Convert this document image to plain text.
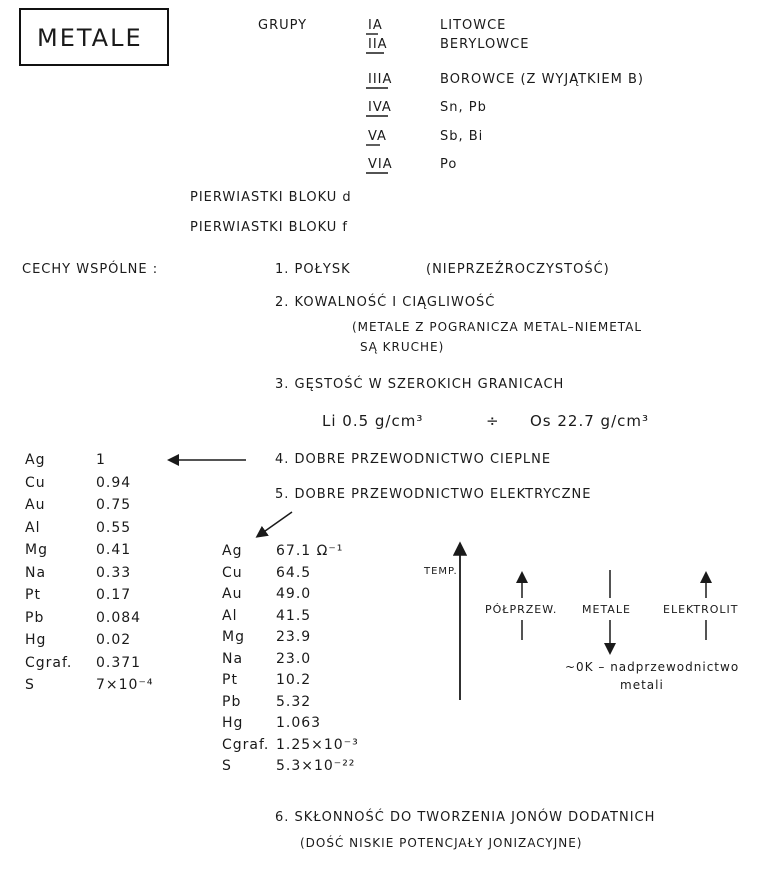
METALE	GRUPY	IA	LITOWCE
IIA	BERYLOWCE
IIIA	BOROWCE (Z WYJĄTKIEM B)
IVA	Sn, Pb
VA	Sb, Bi
VIA	Po
PIERWIASTKI BLOKU d
PIERWIASTKI BLOKU f
CECHY WSPÓLNE :	1. POŁYSK	(NIEPRZEŹROCZYSTOŚĆ)
2. KOWALNOŚĆ I CIĄGLIWOŚĆ
(METALE Z POGRANICZA METAL–NIEMETAL
SĄ KRUCHE)
3. GĘSTOŚĆ W SZEROKICH GRANICACH
Li 0.5 g/cm³	÷ Os 22.7 g/cm³
4. DOBRE PRZEWODNICTWO CIEPLNE
5. DOBRE PRZEWODNICTWO ELEKTRYCZNE
Ag	1
Cu	0.94
Au	0.75
Al	0.55
Mg	0.41
Na	0.33
Pt	0.17
Pb	0.084
Hg	0.02
Cgraf. 0.371
S	7×10⁻⁴
Ag 67.1 Ω⁻¹
Cu 64.5
Au 49.0
Al	41.5
Mg 23.9
Na 23.0
Pt	10.2
Pb 5.32
Hg 1.063
Cgraf. 1.25×10⁻³
S	5.3×10⁻²²
TEMP.
PÓŁPRZEW. METALE	ELEKTROLIT
~0K – nadprzewodnictwo
metali
6. SKŁONNOŚĆ DO TWORZENIA JONÓW DODATNICH
(DOŚĆ NISKIE POTENCJAŁY JONIZACYJNE)
